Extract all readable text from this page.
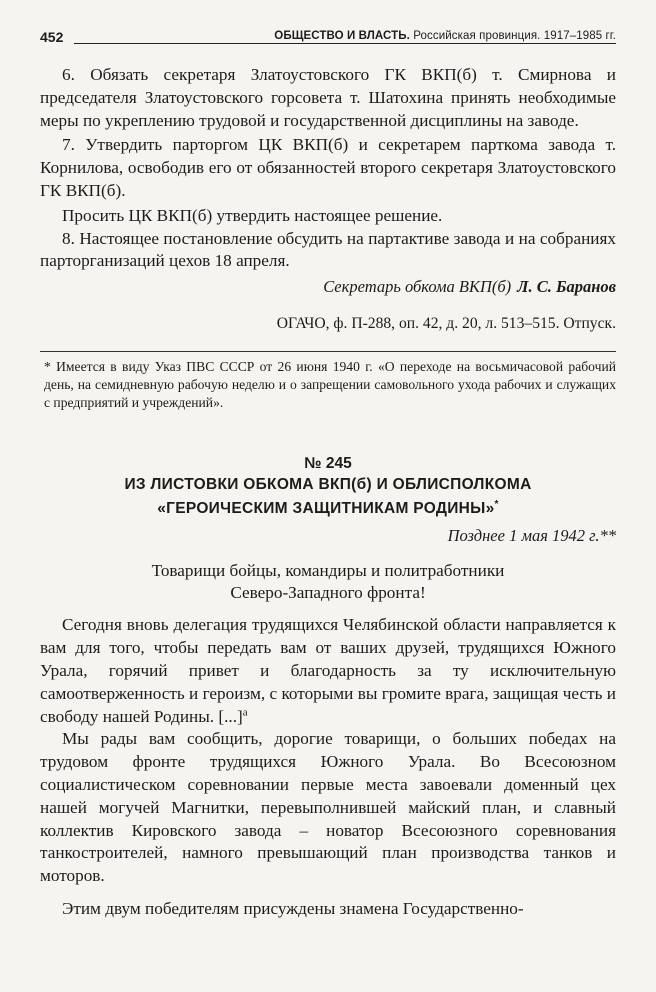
452	ОБЩЕСТВО И ВЛАСТЬ. Российская провинция. 1917–1985 гг.

6. Обязать секретаря Златоустовского ГК ВКП(б) т. Смирнова и председателя Златоустовского горсовета т. Шатохина принять необходимые меры по укреплению трудовой и государственной дисциплины на заводе.

7. Утвердить парторгом ЦК ВКП(б) и секретарем парткома завода т. Корнилова, освободив его от обязанностей второго секретаря Златоустовского ГК ВКП(б).

Просить ЦК ВКП(б) утвердить настоящее решение.

8. Настоящее постановление обсудить на партактиве завода и на собраниях парторганизаций цехов 18 апреля.

Секретарь обкома ВКП(б) Л. С. Баранов

ОГАЧО, ф. П-288, оп. 42, д. 20, л. 513–515. Отпуск.

* Имеется в виду Указ ПВС СССР от 26 июня 1940 г. «О переходе на восьмичасовой рабочий день, на семидневную рабочую неделю и о запрещении самовольного ухода рабочих и служащих с предприятий и учреждений».

№ 245

ИЗ ЛИСТОВКИ ОБКОМА ВКП(б) И ОБЛИСПОЛКОМА
«ГЕРОИЧЕСКИМ ЗАЩИТНИКАМ РОДИНЫ»*

Позднее 1 мая 1942 г.**

Товарищи бойцы, командиры и политработники
Северо-Западного фронта!

Сегодня вновь делегация трудящихся Челябинской области направляется к вам для того, чтобы передать вам от ваших друзей, трудящихся Южного Урала, горячий привет и благодарность за ту исключительную самоотверженность и героизм, с которыми вы громите врага, защищая честь и свободу нашей Родины. [...]$^а$

Мы рады вам сообщить, дорогие товарищи, о больших победах на трудовом фронте трудящихся Южного Урала. Во Всесоюзном социалистическом соревновании первые места завоевали доменный цех нашей могучей Магнитки, перевыполнившей майский план, и славный коллектив Кировского завода – новатор Всесоюзного соревнования танкостроителей, намного превышающий план производства танков и моторов.

Этим двум победителям присуждены знамена Государственно-
